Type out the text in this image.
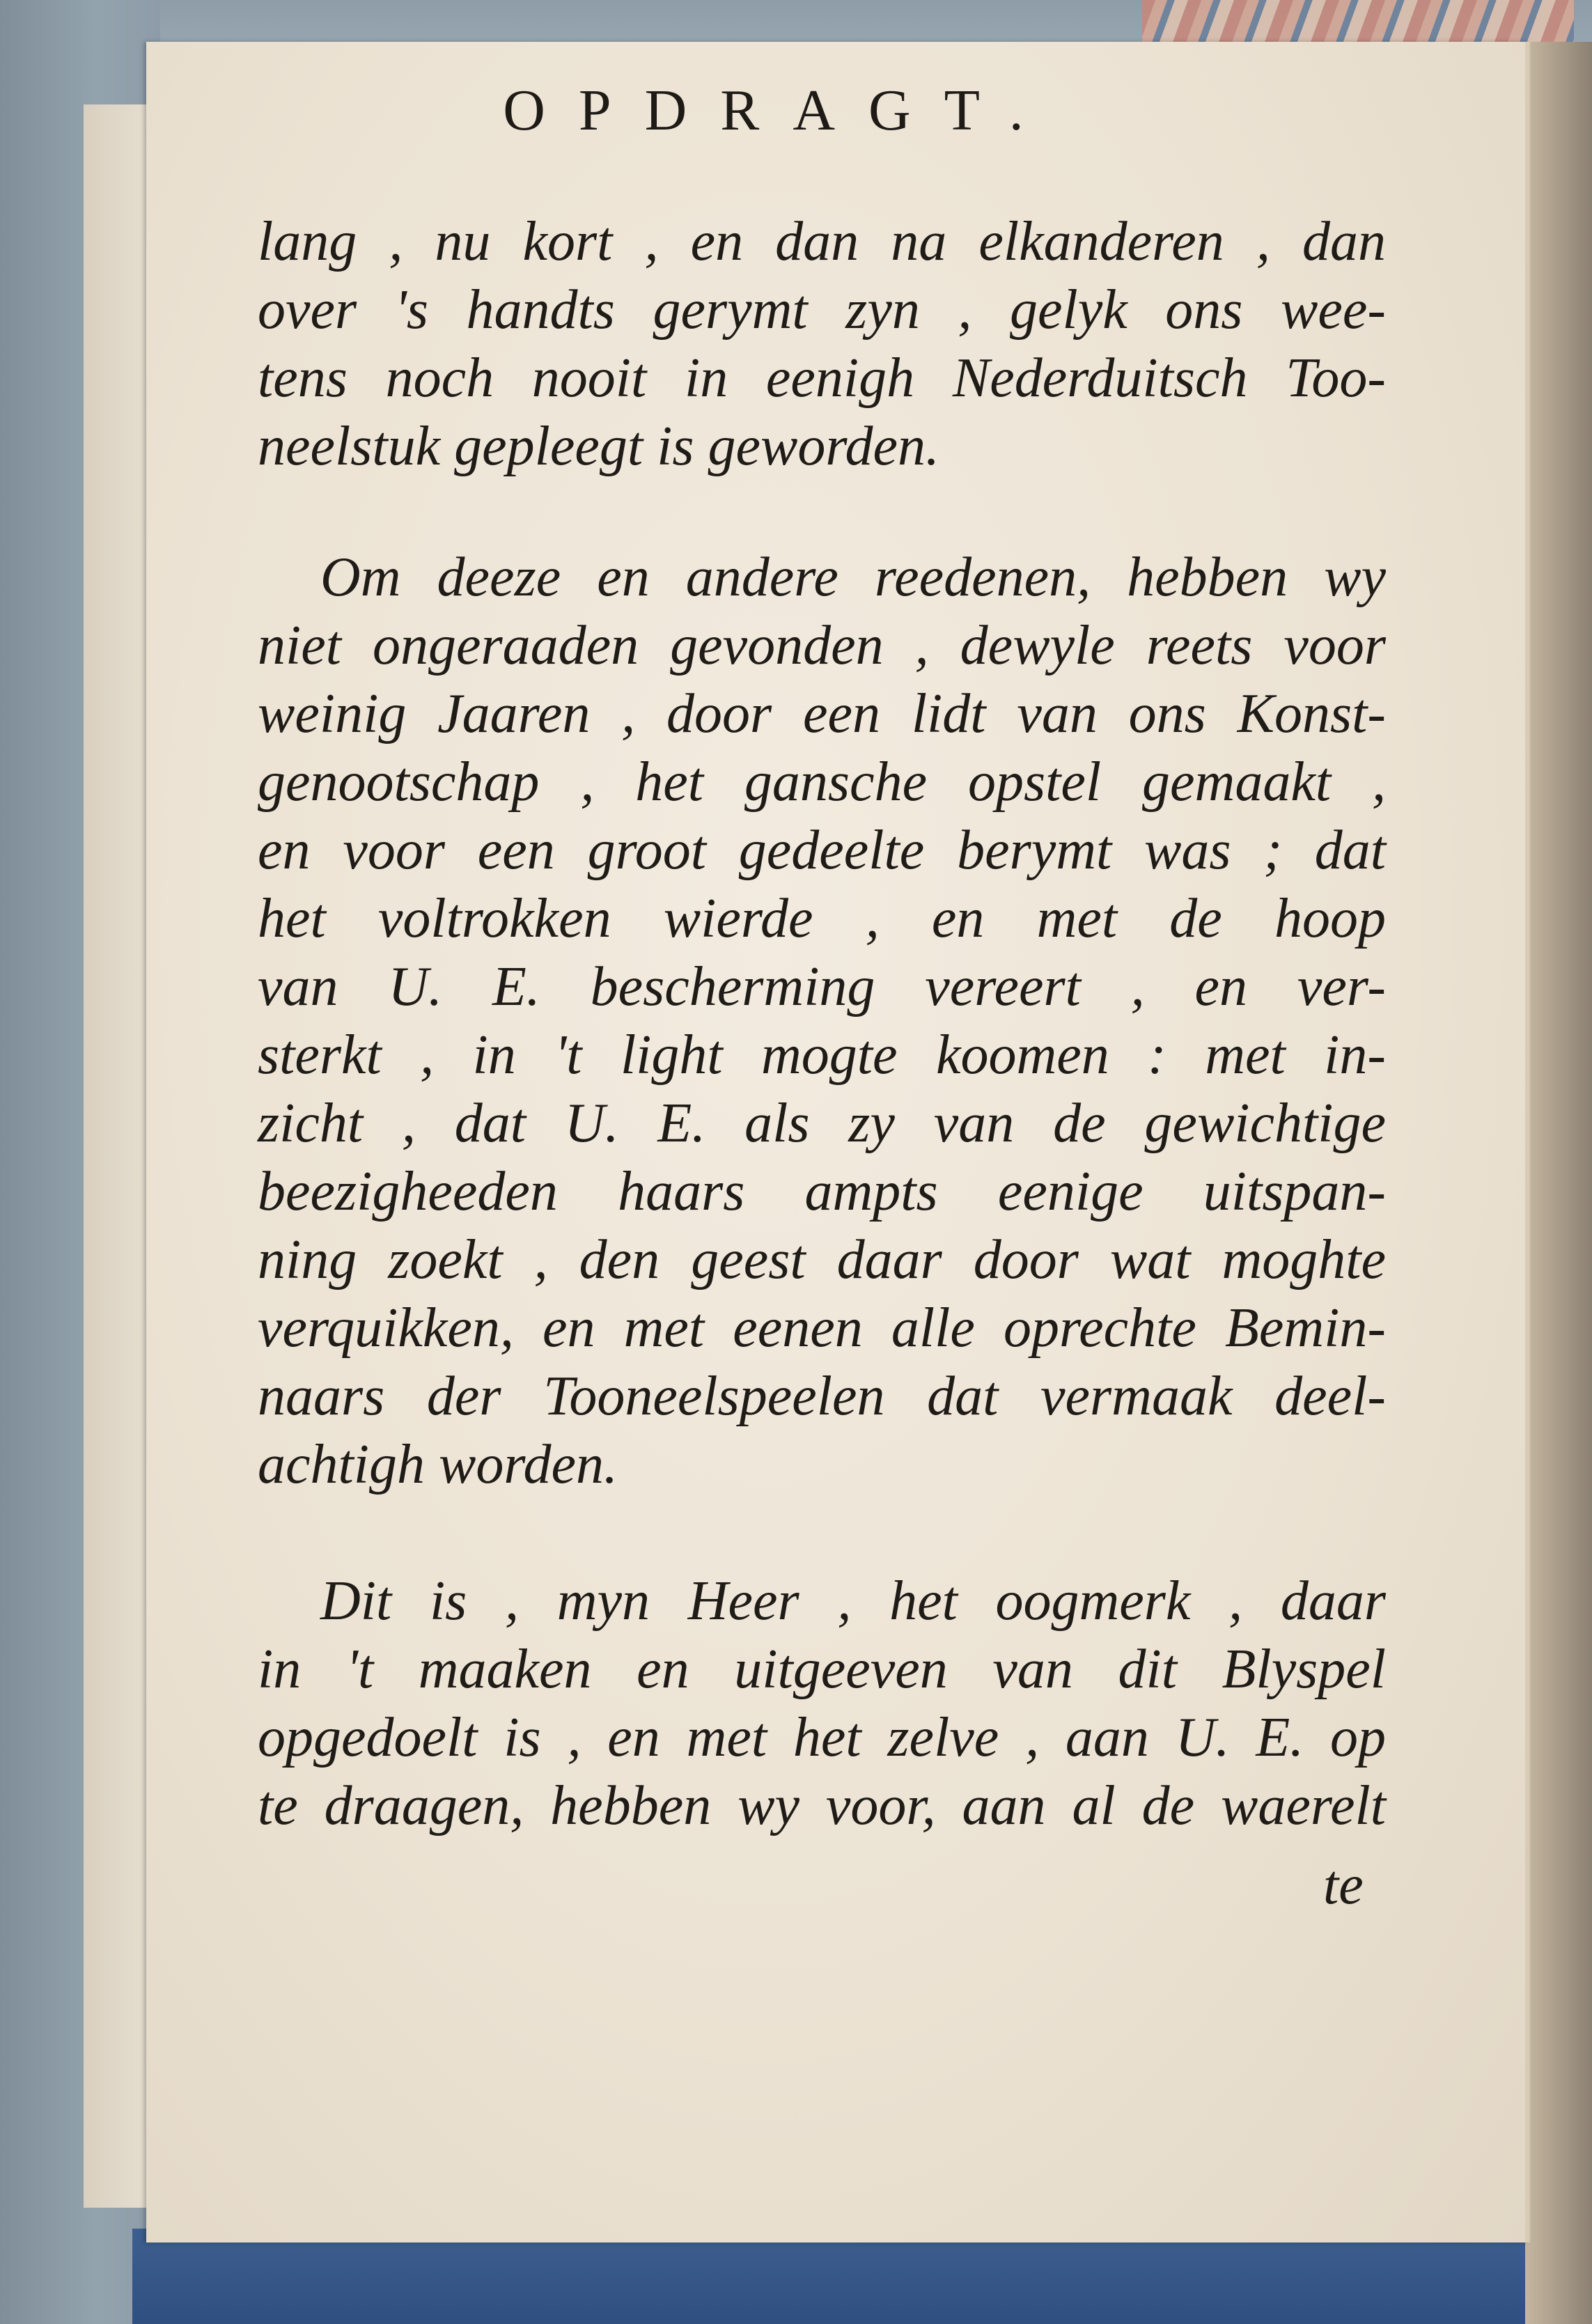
OPDRAGT.
lang , nu kort , en dan na elkanderen , dan
over 's handts gerymt zyn , gelyk ons wee-
tens noch nooit in eenigh Nederduitsch Too-
neelstuk gepleegt is geworden.
Om deeze en andere reedenen, hebben wy
niet ongeraaden gevonden , dewyle reets voor
weinig Jaaren , door een lidt van ons Konst-
genootschap , het gansche opstel gemaakt ,
en voor een groot gedeelte berymt was ; dat
het voltrokken wierde , en met de hoop
van U. E. bescherming vereert , en ver-
sterkt , in 't light mogte koomen : met in-
zicht , dat U. E. als zy van de gewichtige
beezigheeden haars ampts eenige uitspan-
ning zoekt , den geest daar door wat moghte
verquikken, en met eenen alle oprechte Bemin-
naars der Tooneelspeelen dat vermaak deel-
achtigh worden.
Dit is , myn Heer , het oogmerk , daar
in 't maaken en uitgeeven van dit Blyspel
opgedoelt is , en met het zelve , aan U. E. op
te draagen, hebben wy voor, aan al de waerelt
te
